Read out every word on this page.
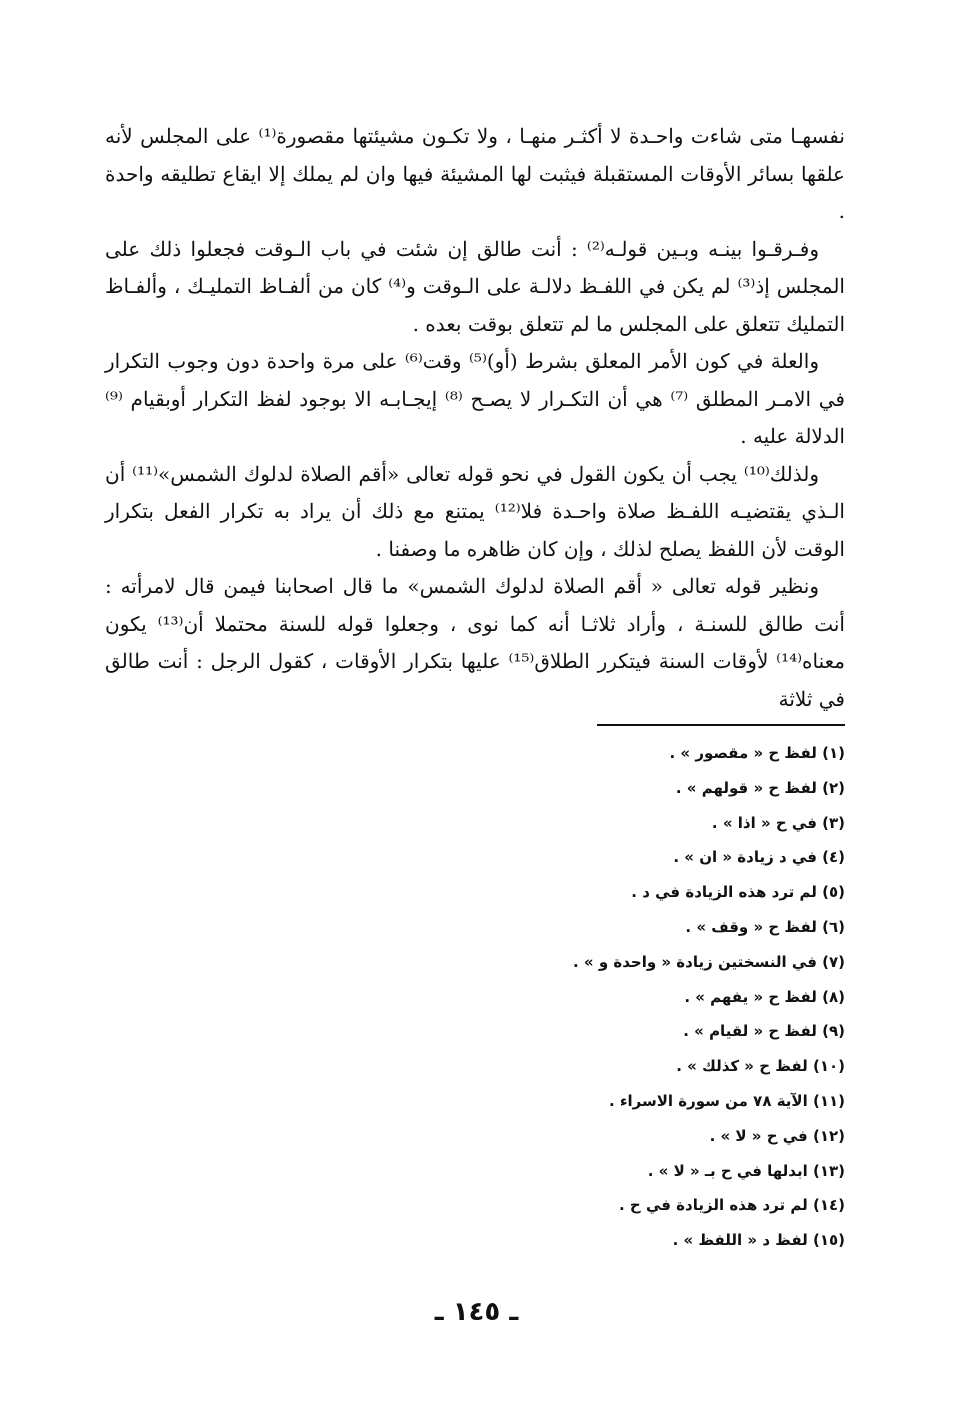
نفسهـا متى شاءت واحـدة لا أكثـر منهـا ، ولا تكـون مشيئتها مقصورة⁽¹⁾ على المجلس لأنه علقها بسائر الأوقات المستقبلة فيثبت لها المشيئة فيها وان لم يملك إلا ايقاع تطليقه واحدة .

وفـرقـوا بينـه وبـين قولـه⁽²⁾ : أنت طالق إن شئت في باب الـوقت فجعلوا ذلك على المجلس إذ⁽³⁾ لم يكن في اللفـظ دلالـة على الـوقت و⁽⁴⁾ كان من ألفـاظ التمليـك ، وألفـاظ التمليك تتعلق على المجلس ما لم تتعلق بوقت بعده .

والعلة في كون الأمر المعلق بشرط (أو)⁽⁵⁾ وقت⁽⁶⁾ على مرة واحدة دون وجوب التكرار في الامـر المطلق ⁽⁷⁾ هي أن التكـرار لا يصـح ⁽⁸⁾ إيجـابـه الا بوجود لفظ التكرار أوبقيام ⁽⁹⁾ الدلالة عليه .

ولذلك⁽¹⁰⁾ يجب أن يكون القول في نحو قوله تعالى «أقم الصلاة لدلوك الشمس»⁽¹¹⁾ أن الـذي يقتضيـه اللفـظ صلاة واحـدة فلا⁽¹²⁾ يمتنع مع ذلك أن يراد به تكرار الفعل بتكرار الوقت لأن اللفظ يصلح لذلك ، وإن كان ظاهره ما وصفنا .

ونظير قوله تعالى « أقم الصلاة لدلوك الشمس» ما قال اصحابنا فيمن قال لامرأته : أنت طالق للسنـة ، وأراد ثلاثـا أنه كما نوى ، وجعلوا قوله للسنة محتملا أن⁽¹³⁾ يكون معناه⁽¹⁴⁾ لأوقات السنة فيتكرر الطلاق⁽¹⁵⁾ عليها بتكرار الأوقات ، كقول الرجل : أنت طالق في ثلاثة

(١) لفظ ح « مقصور » .
(٢) لفظ ح « قولهم » .
(٣) في ح « اذا » .
(٤) في د زيادة « ان » .
(٥) لم ترد هذه الزيادة في د .
(٦) لفظ ح « وقف » .
(٧) في النسختين زيادة « واحدة و » .
(٨) لفظ ح « يفهم » .
(٩) لفظ ح « لقيام » .
(١٠) لفظ ح « كذلك » .
(١١) الآية ٧٨ من سورة الاسراء .
(١٢) في ح « لا » .
(١٣) ابدلها في ح بـ « لا » .
(١٤) لم ترد هذه الزيادة في ح .
(١٥) لفظ د « اللفظ » .
ـ ١٤٥ ـ
